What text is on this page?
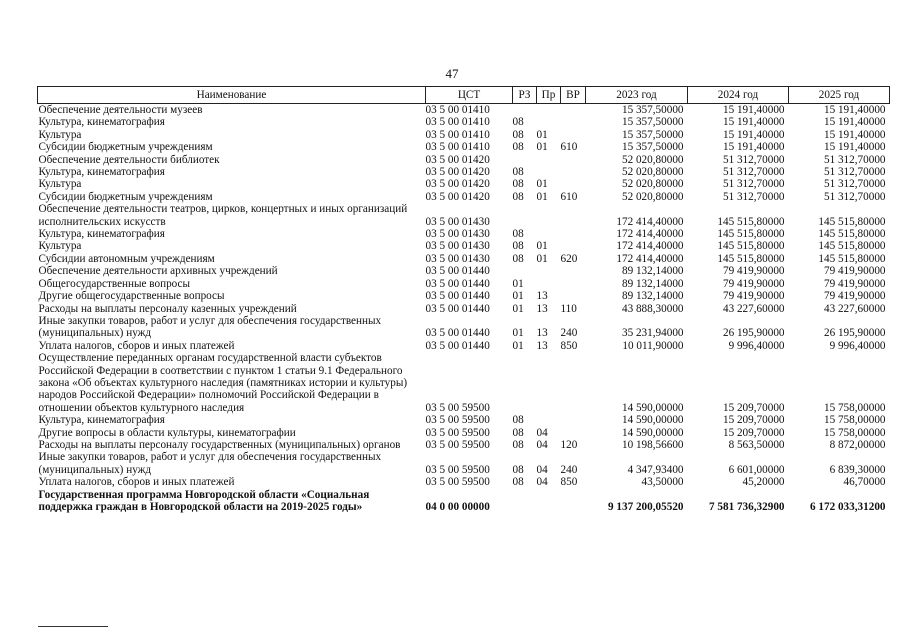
47
Наименование	ЦСТ	РЗ	Пр	ВР	2023 год	2024 год	2025 год
Обеспечение деятельности музеев	03 5 00 01410				15 357,50000	15 191,40000	15 191,40000
Культура, кинематография	03 5 00 01410	08			15 357,50000	15 191,40000	15 191,40000
Культура	03 5 00 01410	08	01		15 357,50000	15 191,40000	15 191,40000
Субсидии бюджетным учреждениям	03 5 00 01410	08	01	610	15 357,50000	15 191,40000	15 191,40000
Обеспечение деятельности библиотек	03 5 00 01420				52 020,80000	51 312,70000	51 312,70000
Культура, кинематография	03 5 00 01420	08			52 020,80000	51 312,70000	51 312,70000
Культура	03 5 00 01420	08	01		52 020,80000	51 312,70000	51 312,70000
Субсидии бюджетным учреждениям	03 5 00 01420	08	01	610	52 020,80000	51 312,70000	51 312,70000
Обеспечение деятельности театров, цирков, концертных и иных организаций исполнительских искусств	03 5 00 01430				172 414,40000	145 515,80000	145 515,80000
Культура, кинематография	03 5 00 01430	08			172 414,40000	145 515,80000	145 515,80000
Культура	03 5 00 01430	08	01		172 414,40000	145 515,80000	145 515,80000
Субсидии автономным учреждениям	03 5 00 01430	08	01	620	172 414,40000	145 515,80000	145 515,80000
Обеспечение деятельности архивных учреждений	03 5 00 01440				89 132,14000	79 419,90000	79 419,90000
Общегосударственные вопросы	03 5 00 01440	01			89 132,14000	79 419,90000	79 419,90000
Другие общегосударственные вопросы	03 5 00 01440	01	13		89 132,14000	79 419,90000	79 419,90000
Расходы на выплаты персоналу казенных учреждений	03 5 00 01440	01	13	110	43 888,30000	43 227,60000	43 227,60000
Иные закупки товаров, работ и услуг для обеспечения государственных (муниципальных) нужд	03 5 00 01440	01	13	240	35 231,94000	26 195,90000	26 195,90000
Уплата налогов, сборов и иных платежей	03 5 00 01440	01	13	850	10 011,90000	9 996,40000	9 996,40000
Осуществление переданных органам государственной власти субъектов Российской Федерации в соответствии с пунктом 1 статьи 9.1 Федерального закона «Об объектах культурного наследия (памятниках истории и культуры) народов Российской Федерации» полномочий Российской Федерации в отношении объектов культурного наследия	03 5 00 59500				14 590,00000	15 209,70000	15 758,00000
Культура, кинематография	03 5 00 59500	08			14 590,00000	15 209,70000	15 758,00000
Другие вопросы в области культуры, кинематографии	03 5 00 59500	08	04		14 590,00000	15 209,70000	15 758,00000
Расходы на выплаты персоналу государственных (муниципальных) органов	03 5 00 59500	08	04	120	10 198,56600	8 563,50000	8 872,00000
Иные закупки товаров, работ и услуг для обеспечения государственных (муниципальных) нужд	03 5 00 59500	08	04	240	4 347,93400	6 601,00000	6 839,30000
Уплата налогов, сборов и иных платежей	03 5 00 59500	08	04	850	43,50000	45,20000	46,70000
Государственная программа Новгородской области «Социальная поддержка граждан в Новгородской области на 2019-2025 годы»	04 0 00 00000				9 137 200,05520	7 581 736,32900	6 172 033,31200
